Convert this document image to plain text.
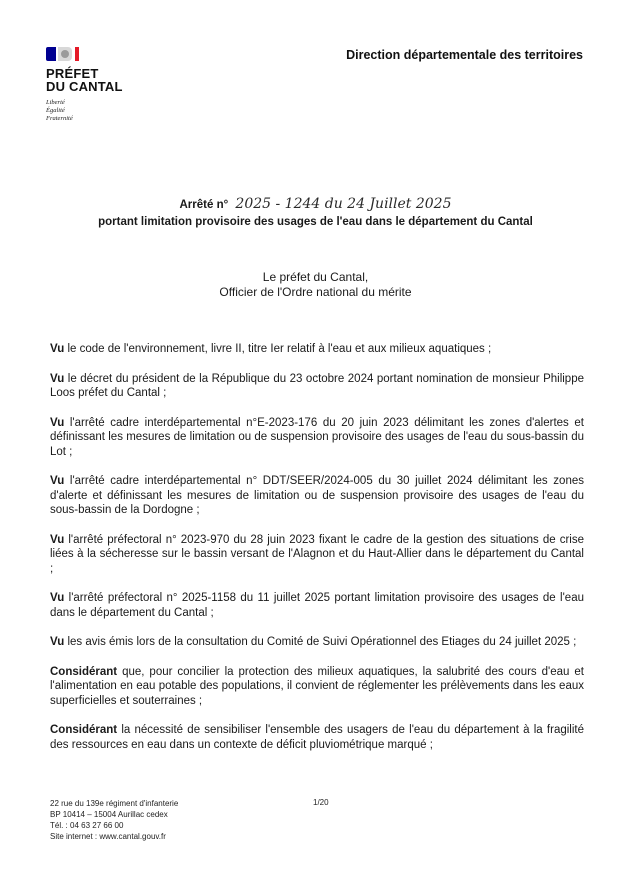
PRÉFET
DU CANTAL
Liberté
Égalité
Fraternité
Direction départementale des territoires
Arrêté n° 2025 - 1244 du 24 Juillet 2025
portant limitation provisoire des usages de l'eau dans le département du Cantal
Le préfet du Cantal,
Officier de l'Ordre national du mérite

Vu le code de l'environnement, livre II, titre Ier relatif à l'eau et aux milieux aquatiques ;

Vu le décret du président de la République du 23 octobre 2024 portant nomination de monsieur Philippe Loos préfet du Cantal ;

Vu l'arrêté cadre interdépartemental n°E-2023-176 du 20 juin 2023 délimitant les zones d'alertes et définissant les mesures de limitation ou de suspension provisoire des usages de l'eau du sous-bassin du Lot ;

Vu l'arrêté cadre interdépartemental n° DDT/SEER/2024-005 du 30 juillet 2024 délimitant les zones d'alerte et définissant les mesures de limitation ou de suspension provisoire des usages de l'eau du sous-bassin de la Dordogne ;

Vu l'arrêté préfectoral n° 2023-970 du 28 juin 2023 fixant le cadre de la gestion des situations de crise liées à la sécheresse sur le bassin versant de l'Alagnon et du Haut-Allier dans le département du Cantal ;

Vu l'arrêté préfectoral n° 2025-1158 du 11 juillet 2025 portant limitation provisoire des usages de l'eau dans le département du Cantal ;

Vu les avis émis lors de la consultation du Comité de Suivi Opérationnel des Etiages du 24 juillet 2025 ;

Considérant que, pour concilier la protection des milieux aquatiques, la salubrité des cours d'eau et l'alimentation en eau potable des populations, il convient de réglementer les prélèvements dans les eaux superficielles et souterraines ;

Considérant la nécessité de sensibiliser l'ensemble des usagers de l'eau du département à la fragilité des ressources en eau dans un contexte de déficit pluviométrique marqué ;

22 rue du 139e régiment d'infanterie
BP 10414 – 15004 Aurillac cedex
Tél. : 04 63 27 66 00
Site internet : www.cantal.gouv.fr
1/20
